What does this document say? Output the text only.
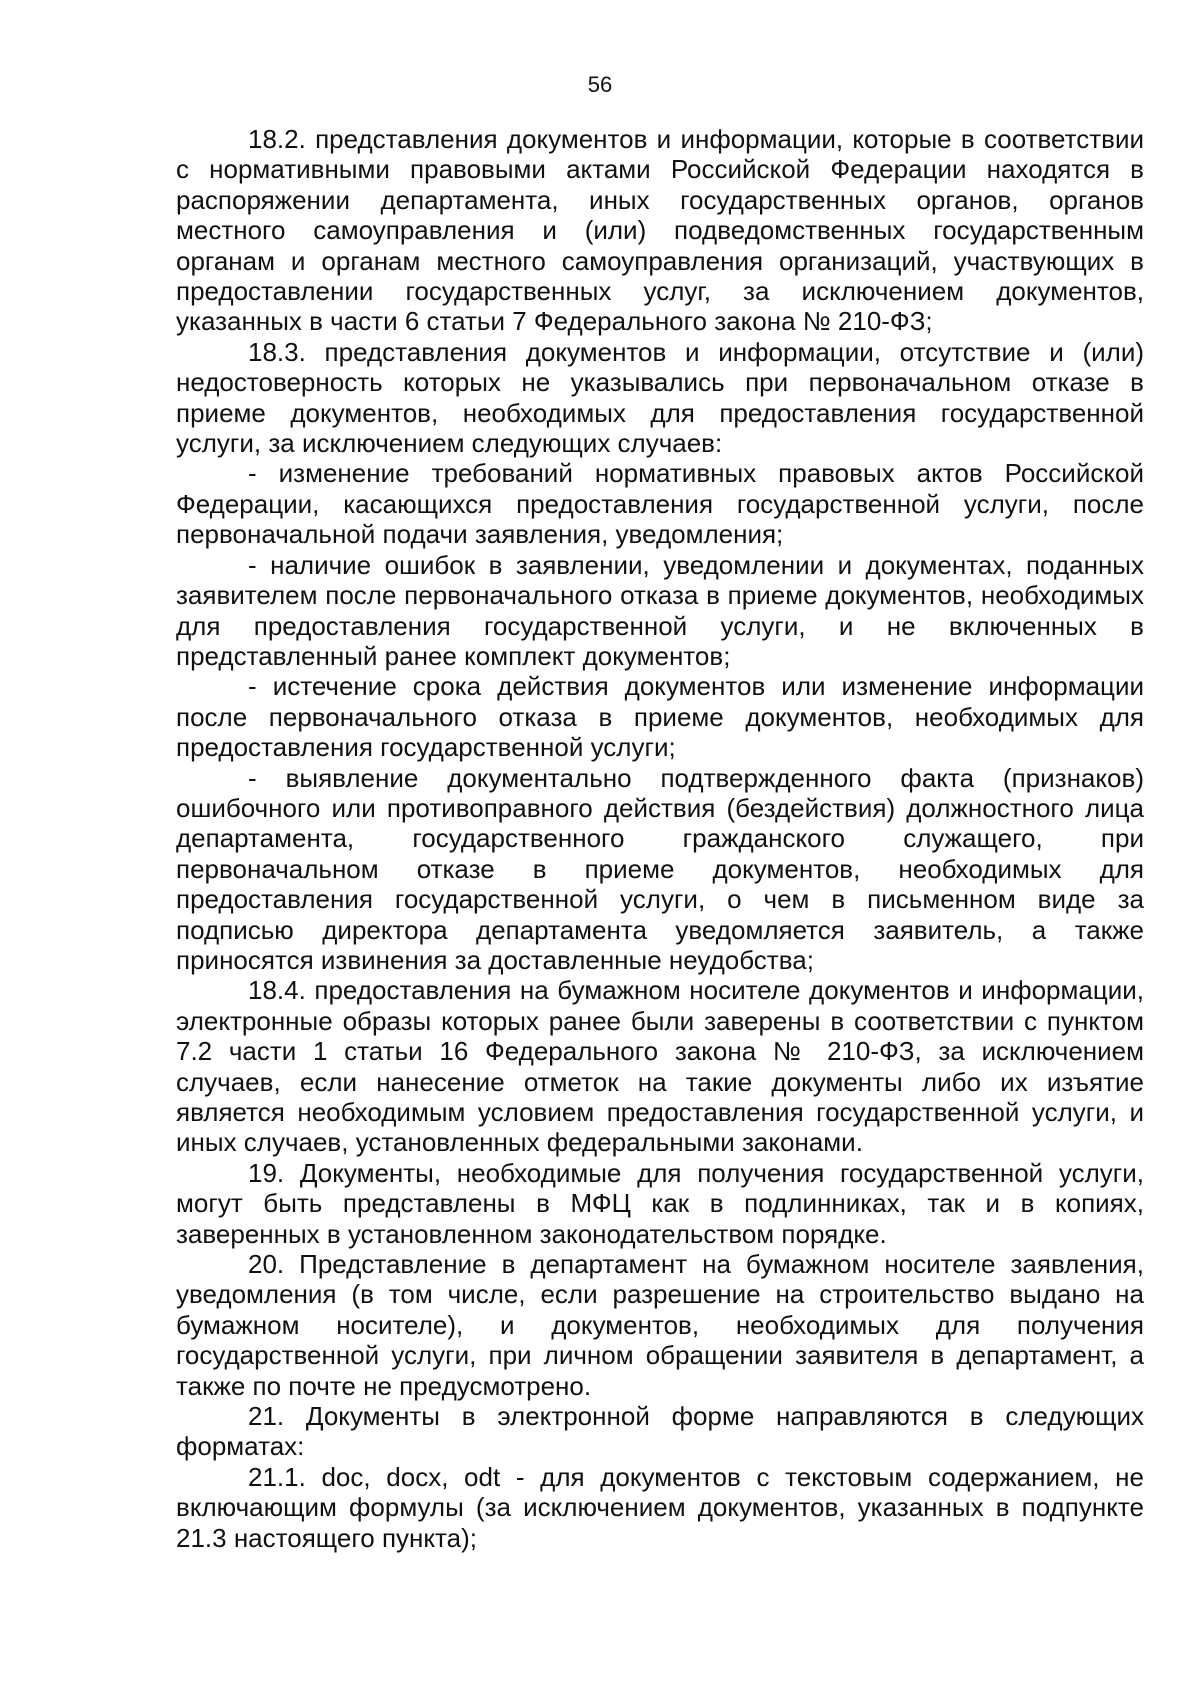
56

18.2. представления документов и информации, которые в соответствии с нормативными правовыми актами Российской Федерации находятся в распоряжении департамента, иных государственных органов, органов местного самоуправления и (или) подведомственных государственным органам и органам местного самоуправления организаций, участвующих в предоставлении государственных услуг, за исключением документов, указанных в части 6 статьи 7 Федерального закона № 210-ФЗ;

18.3. представления документов и информации, отсутствие и (или) недостоверность которых не указывались при первоначальном отказе в приеме документов, необходимых для предоставления государственной услуги, за исключением следующих случаев:

- изменение требований нормативных правовых актов Российской Федерации, касающихся предоставления государственной услуги, после первоначальной подачи заявления, уведомления;

- наличие ошибок в заявлении, уведомлении и документах, поданных заявителем после первоначального отказа в приеме документов, необходимых для предоставления государственной услуги, и не включенных в представленный ранее комплект документов;

- истечение срока действия документов или изменение информации после первоначального отказа в приеме документов, необходимых для предоставления государственной услуги;

- выявление документально подтвержденного факта (признаков) ошибочного или противоправного действия (бездействия) должностного лица департамента, государственного гражданского служащего, при первоначальном отказе в приеме документов, необходимых для предоставления государственной услуги, о чем в письменном виде за подписью директора департамента уведомляется заявитель, а также приносятся извинения за доставленные неудобства;

18.4. предоставления на бумажном носителе документов и информации, электронные образы которых ранее были заверены в соответствии с пунктом 7.2 части 1 статьи 16 Федерального закона № 210-ФЗ, за исключением случаев, если нанесение отметок на такие документы либо их изъятие является необходимым условием предоставления государственной услуги, и иных случаев, установленных федеральными законами.

19. Документы, необходимые для получения государственной услуги, могут быть представлены в МФЦ как в подлинниках, так и в копиях, заверенных в установленном законодательством порядке.

20. Представление в департамент на бумажном носителе заявления, уведомления (в том числе, если разрешение на строительство выдано на бумажном носителе), и документов, необходимых для получения государственной услуги, при личном обращении заявителя в департамент, а также по почте не предусмотрено.

21. Документы в электронной форме направляются в следующих форматах:

21.1. doc, docx, odt - для документов с текстовым содержанием, не включающим формулы (за исключением документов, указанных в подпункте 21.3 настоящего пункта);
